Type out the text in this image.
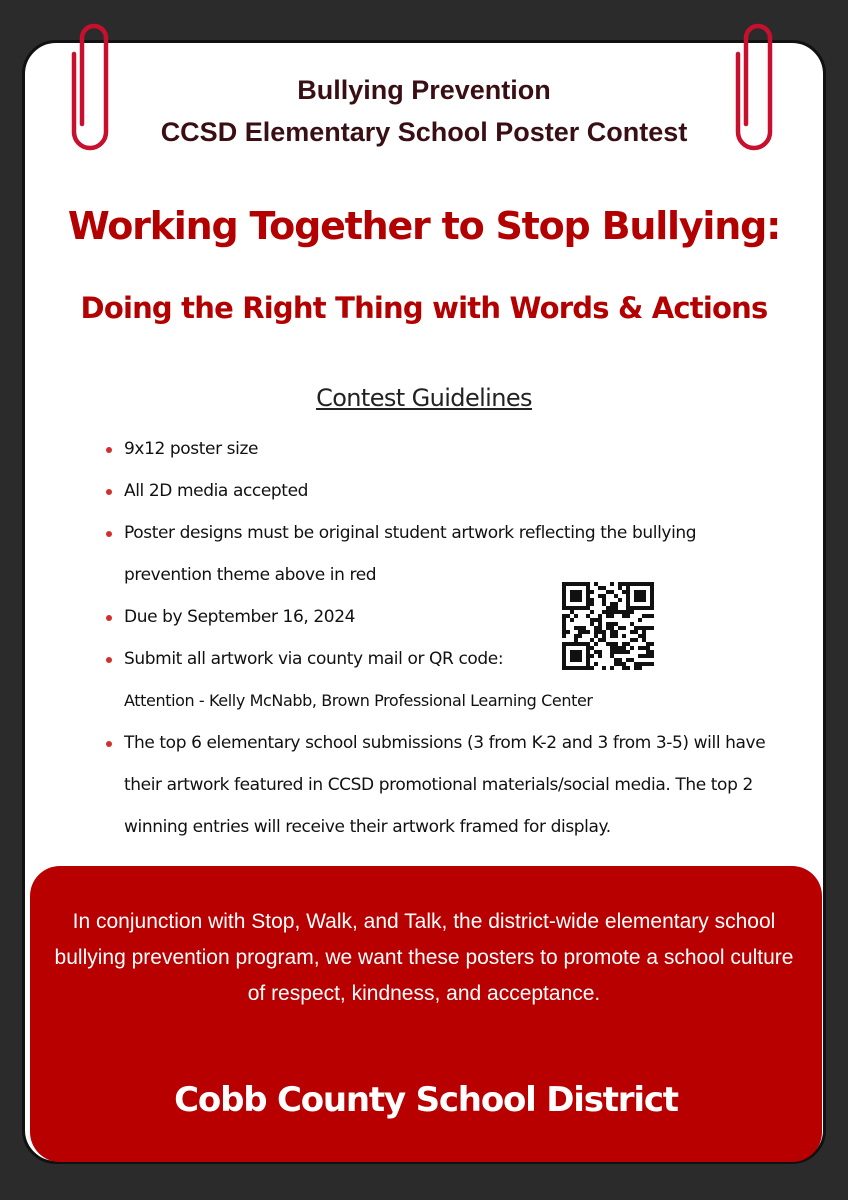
Bullying Prevention
CCSD Elementary School Poster Contest
Working Together to Stop Bullying:
Doing the Right Thing with Words & Actions
Contest Guidelines
9x12 poster size
All 2D media accepted
Poster designs must be original student artwork reflecting the bullying prevention theme above in red
Due by September 16, 2024
Submit all artwork via county mail or QR code:
Attention - Kelly McNabb, Brown Professional Learning Center
The top 6 elementary school submissions (3 from K-2 and 3 from 3-5) will have their artwork featured in CCSD promotional materials/social media. The top 2 winning entries will receive their artwork framed for display.
In conjunction with Stop, Walk, and Talk, the district-wide elementary school bullying prevention program, we want these posters to promote a school culture of respect, kindness, and acceptance.
Cobb County School District
